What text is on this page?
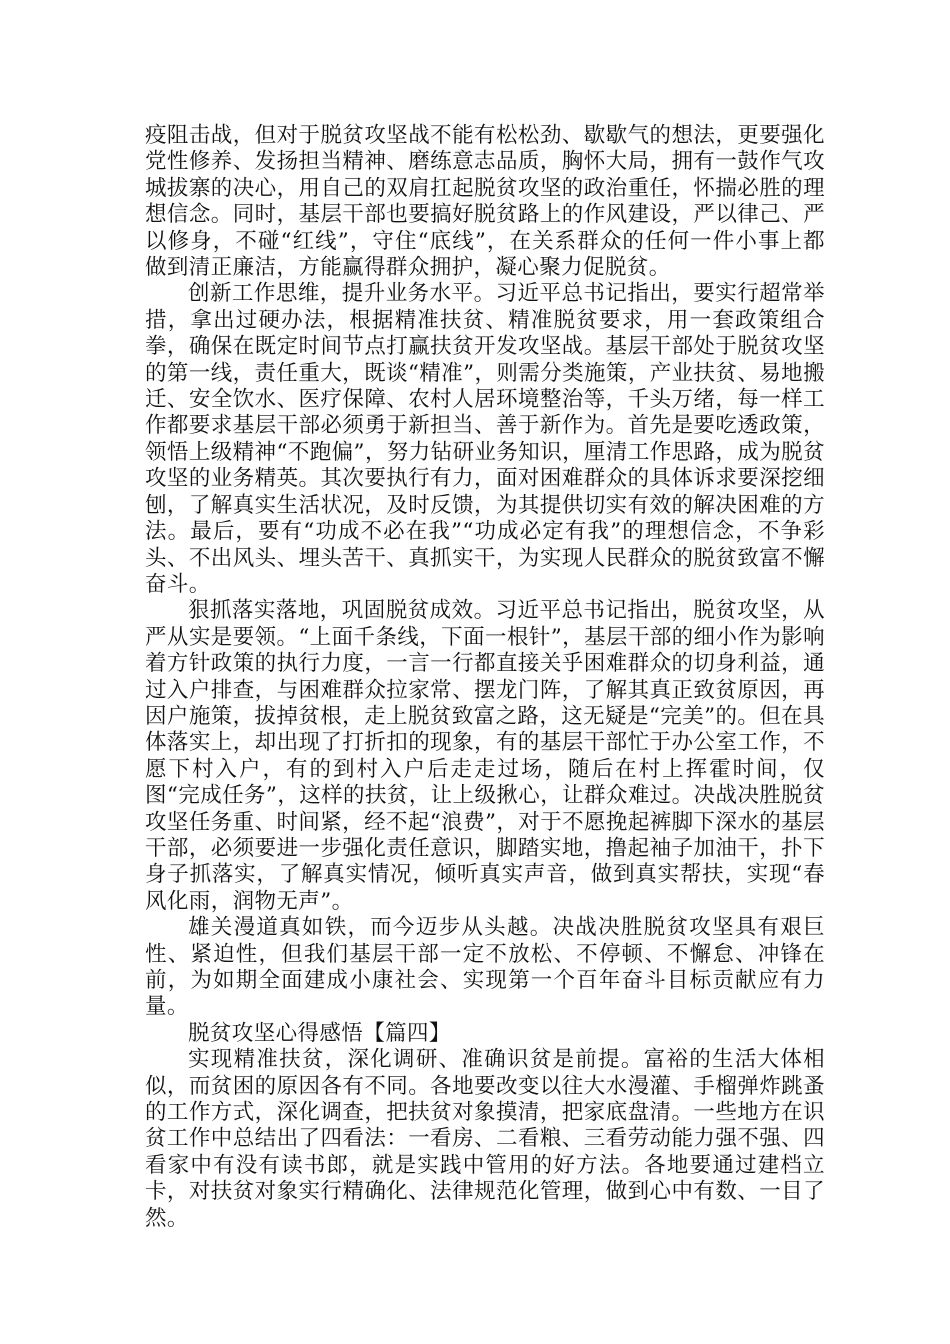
疫阻击战，但对于脱贫攻坚战不能有松松劲、歇歇气的想法，更要强化党性修养、发扬担当精神、磨练意志品质，胸怀大局，拥有一鼓作气攻城拔寨的决心，用自己的双肩扛起脱贫攻坚的政治重任，怀揣必胜的理想信念。同时，基层干部也要搞好脱贫路上的作风建设，严以律己、严以修身，不碰“红线”，守住“底线”，在关系群众的任何一件小事上都做到清正廉洁，方能赢得群众拥护，凝心聚力促脱贫。

创新工作思维，提升业务水平。习近平总书记指出，要实行超常举措，拿出过硬办法，根据精准扶贫、精准脱贫要求，用一套政策组合拳，确保在既定时间节点打赢扶贫开发攻坚战。基层干部处于脱贫攻坚的第一线，责任重大，既谈“精准”，则需分类施策，产业扶贫、易地搬迁、安全饮水、医疗保障、农村人居环境整治等，千头万绪，每一样工作都要求基层干部必须勇于新担当、善于新作为。首先是要吃透政策，领悟上级精神“不跑偏”，努力钻研业务知识，厘清工作思路，成为脱贫攻坚的业务精英。其次要执行有力，面对困难群众的具体诉求要深挖细刨，了解真实生活状况，及时反馈，为其提供切实有效的解决困难的方法。最后，要有“功成不必在我”“功成必定有我”的理想信念，不争彩头、不出风头、埋头苦干、真抓实干，为实现人民群众的脱贫致富不懈奋斗。

狠抓落实落地，巩固脱贫成效。习近平总书记指出，脱贫攻坚，从严从实是要领。“上面千条线，下面一根针”，基层干部的细小作为影响着方针政策的执行力度，一言一行都直接关乎困难群众的切身利益，通过入户排查，与困难群众拉家常、摆龙门阵，了解其真正致贫原因，再因户施策，拔掉贫根，走上脱贫致富之路，这无疑是“完美”的。但在具体落实上，却出现了打折扣的现象，有的基层干部忙于办公室工作，不愿下村入户，有的到村入户后走走过场，随后在村上挥霍时间，仅图“完成任务”，这样的扶贫，让上级揪心，让群众难过。决战决胜脱贫攻坚任务重、时间紧，经不起“浪费”，对于不愿挽起裤脚下深水的基层干部，必须要进一步强化责任意识，脚踏实地，撸起袖子加油干，扑下身子抓落实，了解真实情况，倾听真实声音，做到真实帮扶，实现“春风化雨，润物无声”。

雄关漫道真如铁，而今迈步从头越。决战决胜脱贫攻坚具有艰巨性、紧迫性，但我们基层干部一定不放松、不停顿、不懈怠、冲锋在前，为如期全面建成小康社会、实现第一个百年奋斗目标贡献应有力量。

脱贫攻坚心得感悟【篇四】

实现精准扶贫，深化调研、准确识贫是前提。富裕的生活大体相似，而贫困的原因各有不同。各地要改变以往大水漫灌、手榴弹炸跳蚤的工作方式，深化调查，把扶贫对象摸清，把家底盘清。一些地方在识贫工作中总结出了四看法：一看房、二看粮、三看劳动能力强不强、四看家中有没有读书郎，就是实践中管用的好方法。各地要通过建档立卡，对扶贫对象实行精确化、法律规范化管理，做到心中有数、一目了然。
